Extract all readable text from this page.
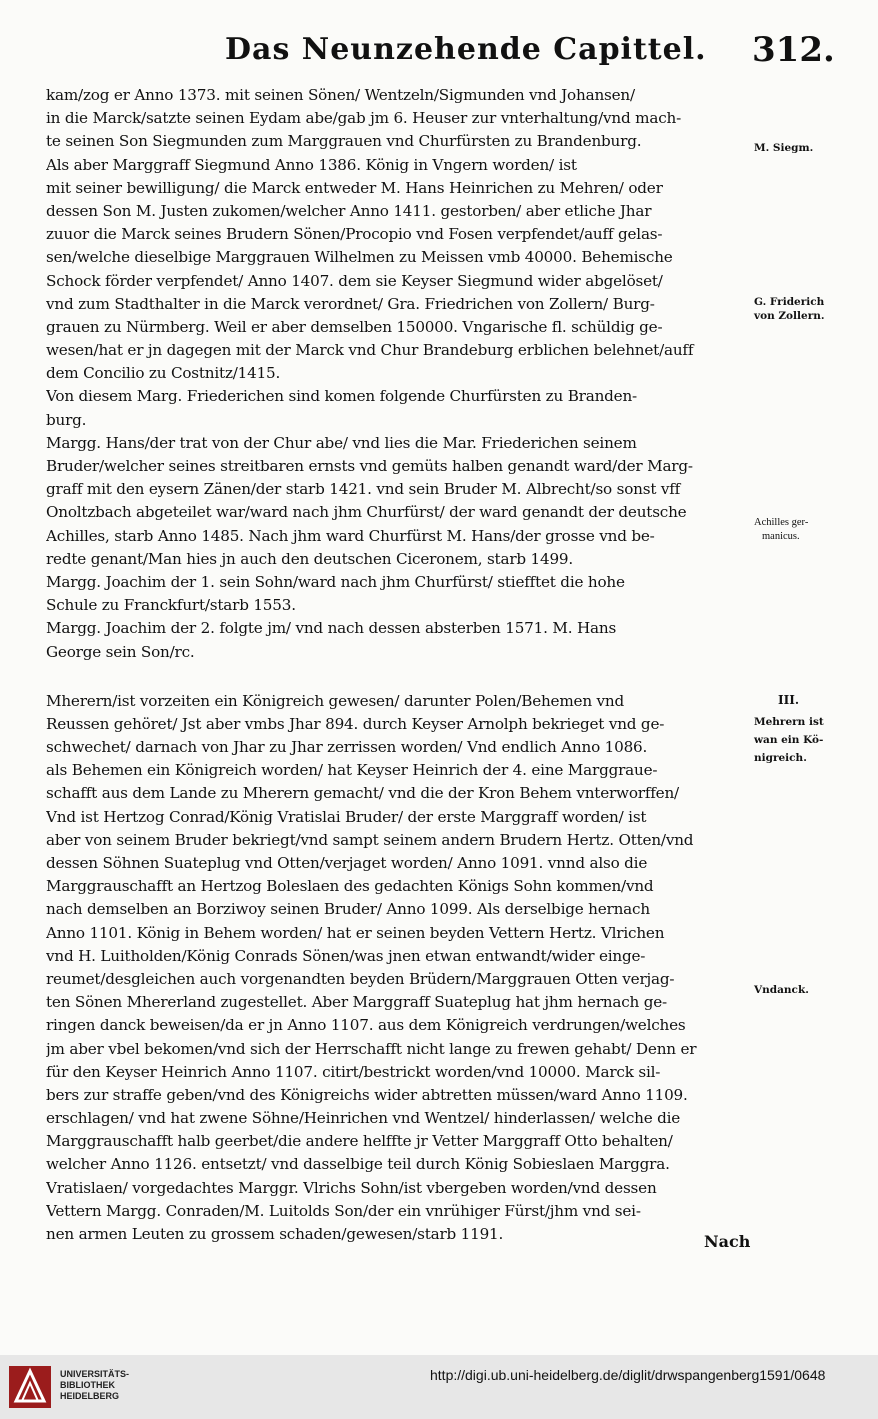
Das Neunzehende Capittel. 312.
kam/zog er Anno 1373. mit seinen Sönen/ Wentzeln/Sigmunden vnd Johansen/
in die Marck/satzte seinen Eydam abe/gab jm 6. Heuser zur vnterhaltung/vnd mach-
te seinen Son Siegmunden zum Marggrauen vnd Churfürsten zu Brandenburg.
Als aber Marggraff Siegmund Anno 1386. König in Vngern worden/ ist
mit seiner bewilligung/ die Marck entweder M. Hans Heinrichen zu Mehren/ oder
dessen Son M. Justen zukomen/welcher Anno 1411. gestorben/ aber etliche Jhar
zuuor die Marck seines Brudern Sönen/Procopio vnd Fosen verpfendet/auff gelas-
sen/welche dieselbige Marggrauen Wilhelmen zu Meissen vmb 40000. Behemische
Schock förder verpfendet/ Anno 1407. dem sie Keyser Siegmund wider abgelöset/
vnd zum Stadthalter in die Marck verordnet/ Gra. Friedrichen von Zollern/ Burg-
grauen zu Nürmberg. Weil er aber demselben 150000. Vngarische fl. schüldig ge-
wesen/hat er jn dagegen mit der Marck vnd Chur Brandeburg erblichen belehnet/auff
dem Concilio zu Costnitz/1415.
Von diesem Marg. Friederichen sind komen folgende Churfürsten zu Branden-
burg.
Margg. Hans/der trat von der Chur abe/ vnd lies die Mar. Friederichen seinem
Bruder/welcher seines streitbaren ernsts vnd gemüts halben genandt ward/der Marg-
graff mit den eysern Zänen/der starb 1421. vnd sein Bruder M. Albrecht/so sonst vff
Onoltzbach abgeteilet war/ward nach jhm Churfürst/ der ward genandt der deutsche
Achilles, starb Anno 1485. Nach jhm ward Churfürst M. Hans/der grosse vnd be-
redte genant/Man hies jn auch den deutschen Ciceronem, starb 1499.
Margg. Joachim der 1. sein Sohn/ward nach jhm Churfürst/ stiefftet die hohe
Schule zu Franckfurt/starb 1553.
Margg. Joachim der 2. folgte jm/ vnd nach dessen absterben 1571. M. Hans
George sein Son/rc.
Mherern/ist vorzeiten ein Königreich gewesen/ darunter Polen/Behemen vnd
Reussen gehöret/ Jst aber vmbs Jhar 894. durch Keyser Arnolph bekrieget vnd ge-
schwechet/ darnach von Jhar zu Jhar zerrissen worden/ Vnd endlich Anno 1086.
als Behemen ein Königreich worden/ hat Keyser Heinrich der 4. eine Marggraue-
schafft aus dem Lande zu Mherern gemacht/ vnd die der Kron Behem vnterworffen/
Vnd ist Hertzog Conrad/König Vratislai Bruder/ der erste Marggraff worden/ ist
aber von seinem Bruder bekriegt/vnd sampt seinem andern Brudern Hertz. Otten/vnd
dessen Söhnen Suateplug vnd Otten/verjaget worden/ Anno 1091. vnnd also die
Marggrauschafft an Hertzog Boleslaen des gedachten Königs Sohn kommen/vnd
nach demselben an Borziwoy seinen Bruder/ Anno 1099. Als derselbige hernach
Anno 1101. König in Behem worden/ hat er seinen beyden Vettern Hertz. Vlrichen
vnd H. Luitholden/König Conrads Sönen/was jnen etwan entwandt/wider einge-
reumet/desgleichen auch vorgenandten beyden Brüdern/Marggrauen Otten verjag-
ten Sönen Mhererland zugestellet. Aber Marggraff Suateplug hat jhm hernach ge-
ringen danck beweisen/da er jn Anno 1107. aus dem Königreich verdrungen/welches
jm aber vbel bekomen/vnd sich der Herrschafft nicht lange zu frewen gehabt/ Denn er
für den Keyser Heinrich Anno 1107. citirt/bestrickt worden/vnd 10000. Marck sil-
bers zur straffe geben/vnd des Königreichs wider abtretten müssen/ward Anno 1109.
erschlagen/ vnd hat zwene Söhne/Heinrichen vnd Wentzel/ hinderlassen/ welche die
Marggrauschafft halb geerbet/die andere helffte jr Vetter Marggraff Otto behalten/
welcher Anno 1126. entsetzt/ vnd dasselbige teil durch König Sobieslaen Marggra.
Vratislaen/ vorgedachtes Marggr. Vlrichs Sohn/ist vbergeben worden/vnd dessen
Vettern Margg. Conraden/M. Luitolds Son/der ein vnrühiger Fürst/jhm vnd sei-
nen armen Leuten zu grossem schaden/gewesen/starb 1191.
M. Siegm.
G. Friderich
von Zollern.
Achilles ger-
manicus.
III.
Mehrern ist
wan ein Kö-
nigreich.
Vndanck.
Nach
UNIVERSITÄTS-
BIBLIOTHEK
HEIDELBERG
http://digi.ub.uni-heidelberg.de/diglit/drwspangenberg1591/0648
